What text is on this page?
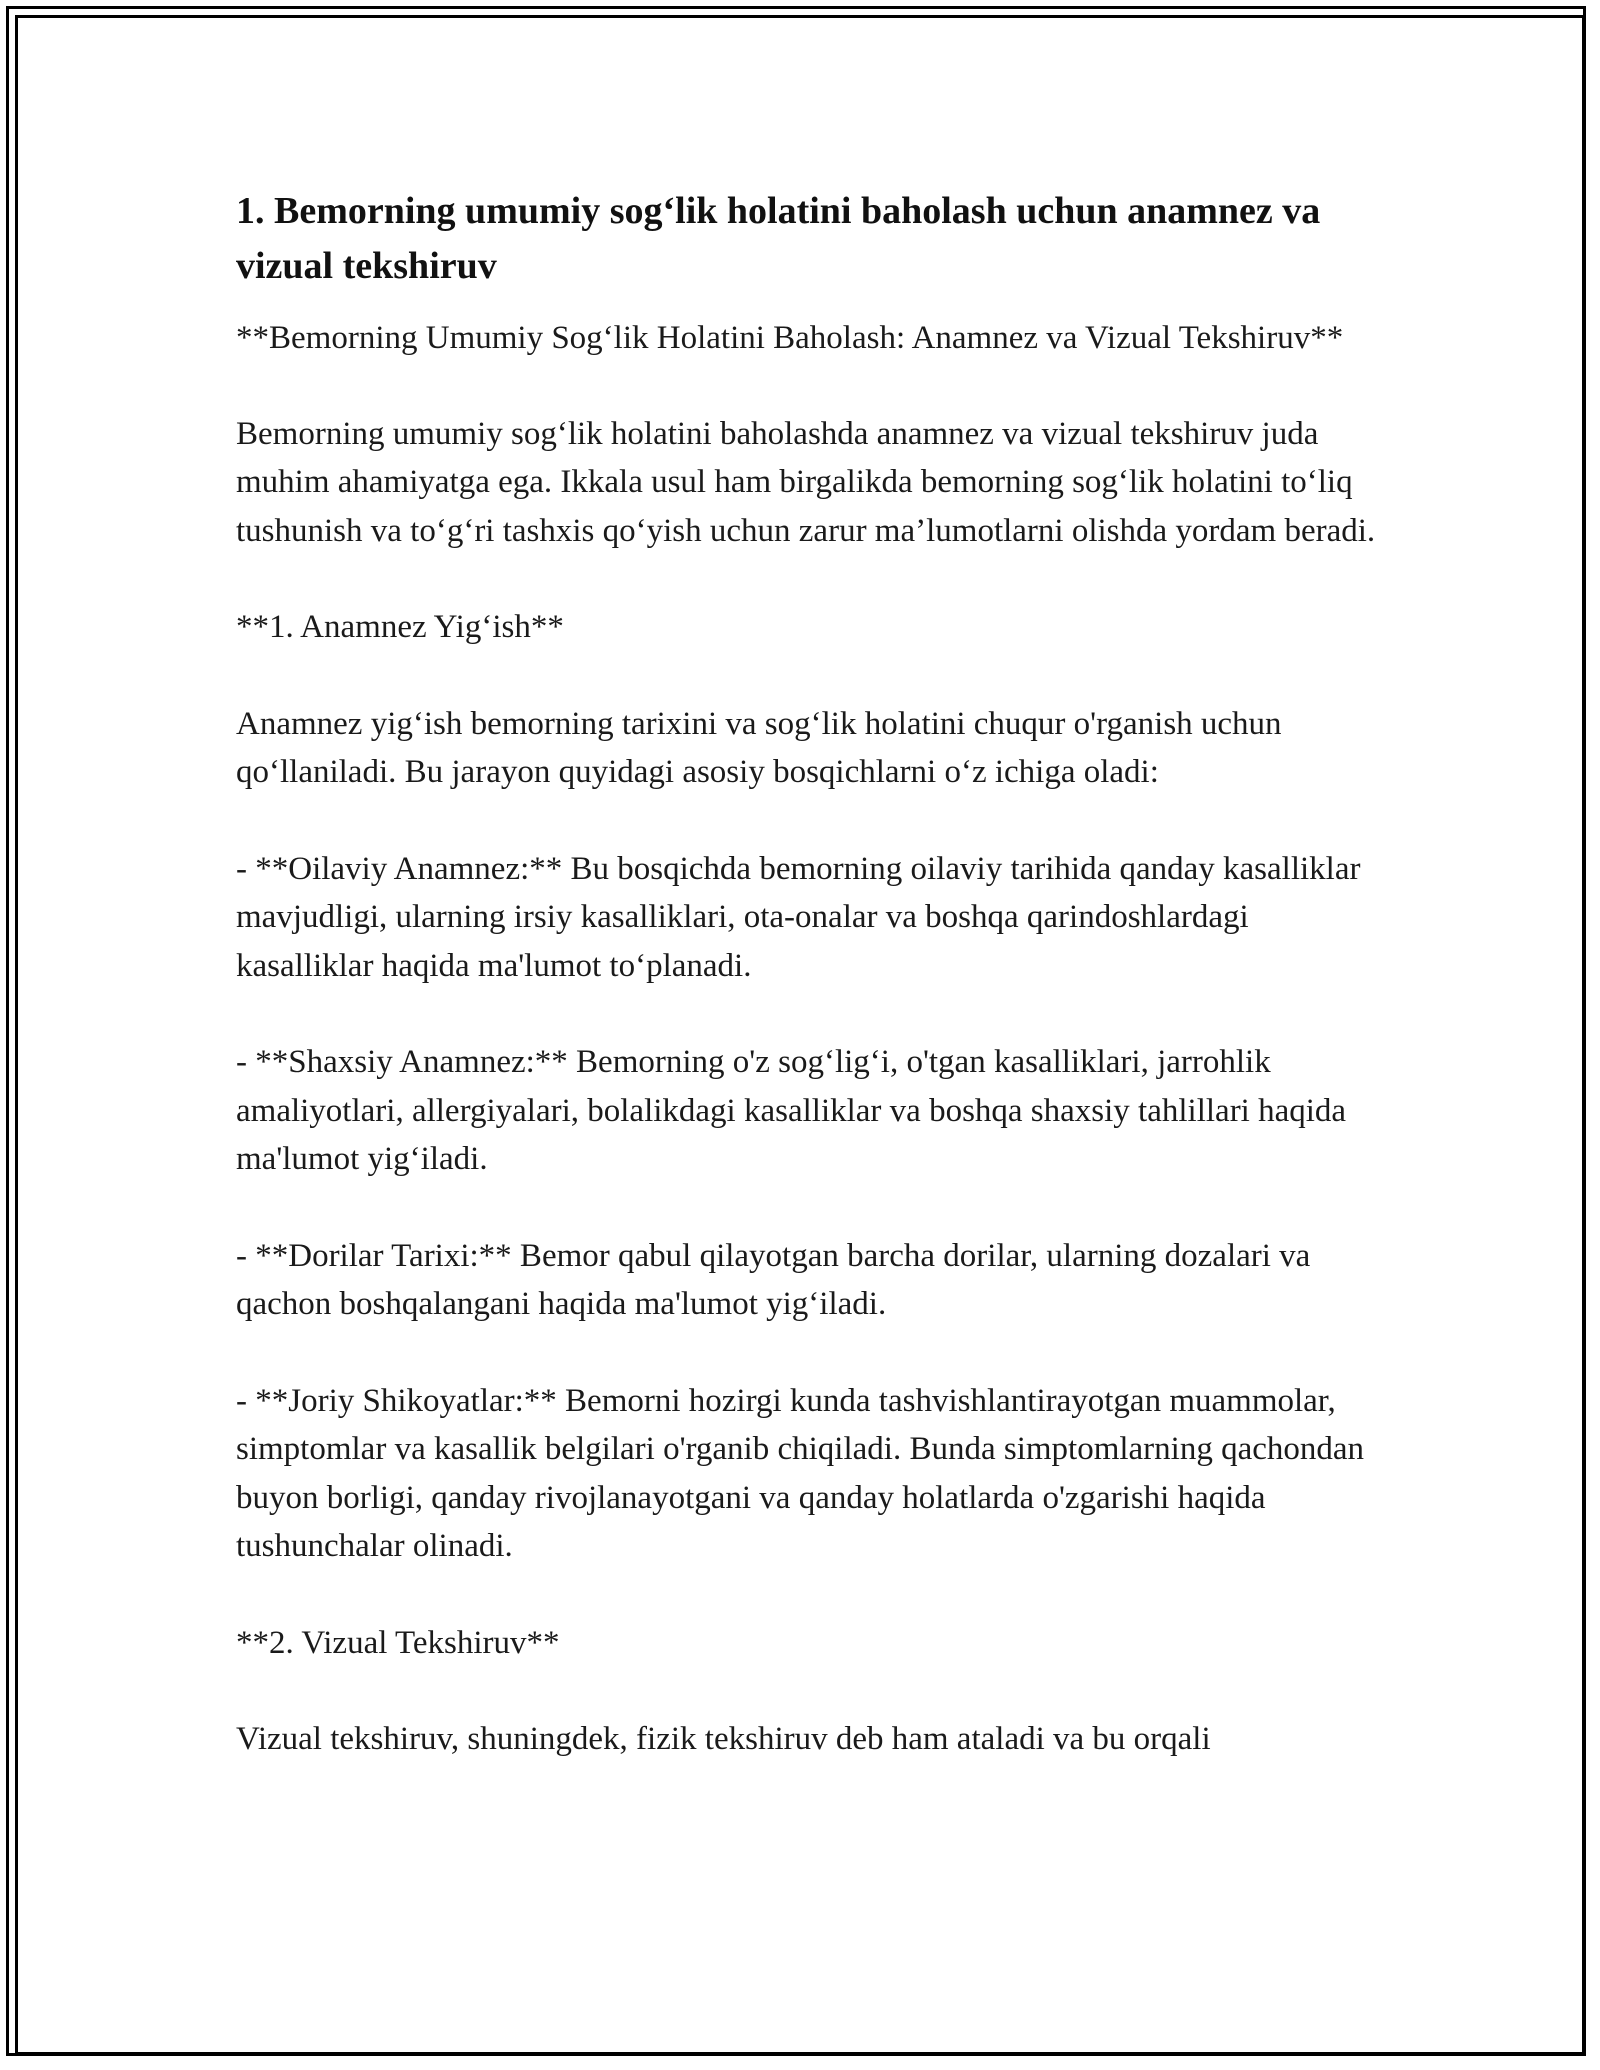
1. Bemorning umumiy sog‘lik holatini baholash uchun anamnez va vizual tekshiruv

**Bemorning Umumiy Sog‘lik Holatini Baholash: Anamnez va Vizual Tekshiruv**

Bemorning umumiy sog‘lik holatini baholashda anamnez va vizual tekshiruv juda muhim ahamiyatga ega. Ikkala usul ham birgalikda bemorning sog‘lik holatini to‘liq tushunish va to‘g‘ri tashxis qo‘yish uchun zarur ma’lumotlarni olishda yordam beradi.

**1. Anamnez Yig‘ish**

Anamnez yig‘ish bemorning tarixini va sog‘lik holatini chuqur o'rganish uchun qo‘llaniladi. Bu jarayon quyidagi asosiy bosqichlarni o‘z ichiga oladi:

- **Oilaviy Anamnez:** Bu bosqichda bemorning oilaviy tarihida qanday kasalliklar mavjudligi, ularning irsiy kasalliklari, ota-onalar va boshqa qarindoshlardagi kasalliklar haqida ma'lumot to‘planadi.

- **Shaxsiy Anamnez:** Bemorning o'z sog‘lig‘i, o'tgan kasalliklari, jarrohlik amaliyotlari, allergiyalari, bolalikdagi kasalliklar va boshqa shaxsiy tahlillari haqida ma'lumot yig‘iladi.

- **Dorilar Tarixi:** Bemor qabul qilayotgan barcha dorilar, ularning dozalari va qachon boshqalangani haqida ma'lumot yig‘iladi.

- **Joriy Shikoyatlar:** Bemorni hozirgi kunda tashvishlantirayotgan muammolar, simptomlar va kasallik belgilari o'rganib chiqiladi. Bunda simptomlarning qachondan buyon borligi, qanday rivojlanayotgani va qanday holatlarda o'zgarishi haqida tushunchalar olinadi.

**2. Vizual Tekshiruv**

Vizual tekshiruv, shuningdek, fizik tekshiruv deb ham ataladi va bu orqali
